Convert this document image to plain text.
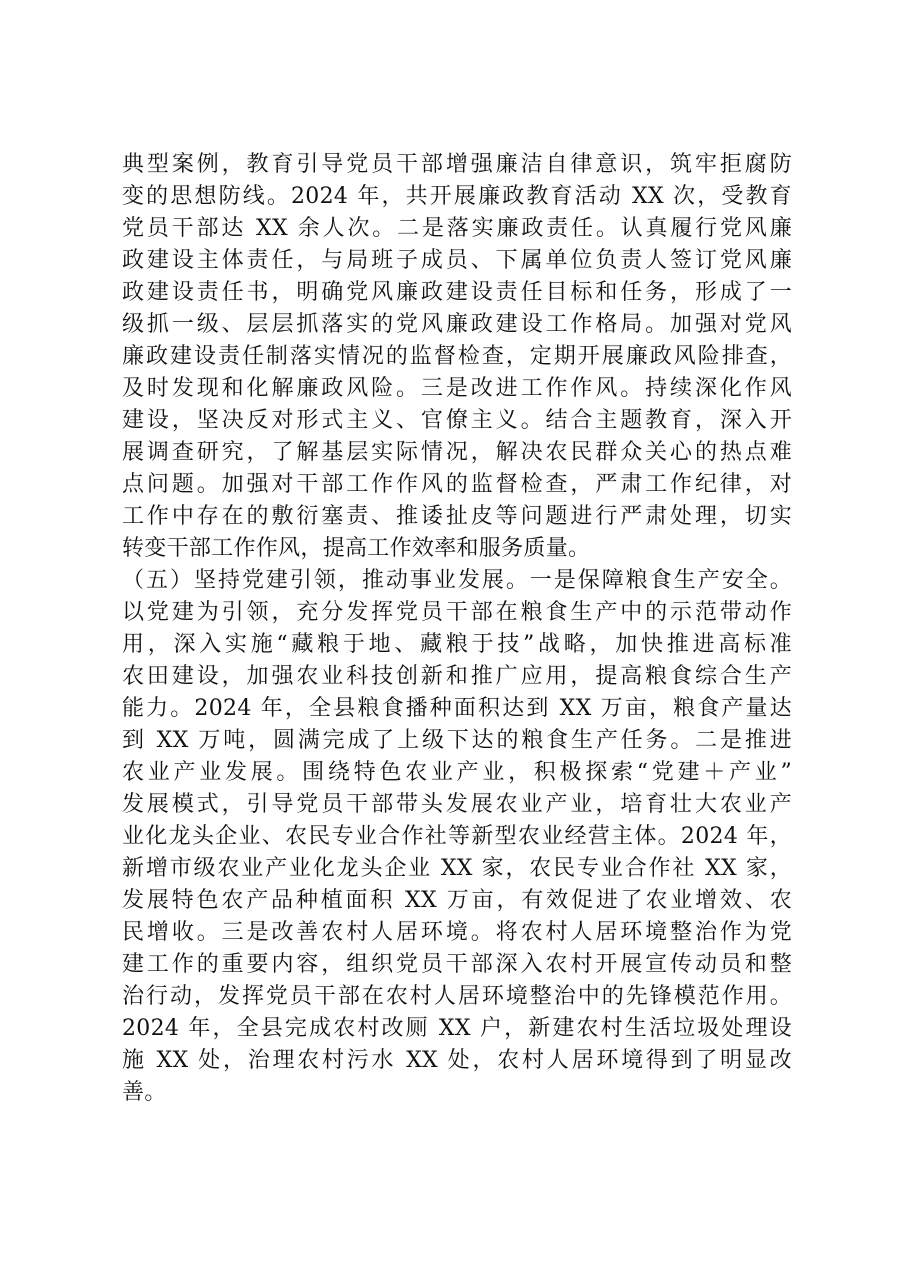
典型案例，教育引导党员干部增强廉洁自律意识，筑牢拒腐防
变的思想防线。2024 年，共开展廉政教育活动 XX 次，受教育
党员干部达 XX 余人次。二是落实廉政责任。认真履行党风廉
政建设主体责任，与局班子成员、下属单位负责人签订党风廉
政建设责任书，明确党风廉政建设责任目标和任务，形成了一
级抓一级、层层抓落实的党风廉政建设工作格局。加强对党风
廉政建设责任制落实情况的监督检查，定期开展廉政风险排查，
及时发现和化解廉政风险。三是改进工作作风。持续深化作风
建设，坚决反对形式主义、官僚主义。结合主题教育，深入开
展调查研究，了解基层实际情况，解决农民群众关心的热点难
点问题。加强对干部工作作风的监督检查，严肃工作纪律，对
工作中存在的敷衍塞责、推诿扯皮等问题进行严肃处理，切实
转变干部工作作风，提高工作效率和服务质量。
（五）坚持党建引领，推动事业发展。一是保障粮食生产安全。
以党建为引领，充分发挥党员干部在粮食生产中的示范带动作
用，深入实施“藏粮于地、藏粮于技”战略，加快推进高标准
农田建设，加强农业科技创新和推广应用，提高粮食综合生产
能力。2024 年，全县粮食播种面积达到 XX 万亩，粮食产量达
到 XX 万吨，圆满完成了上级下达的粮食生产任务。二是推进
农业产业发展。围绕特色农业产业，积极探索“党建＋产业”
发展模式，引导党员干部带头发展农业产业，培育壮大农业产
业化龙头企业、农民专业合作社等新型农业经营主体。2024 年，
新增市级农业产业化龙头企业 XX 家，农民专业合作社 XX 家，
发展特色农产品种植面积 XX 万亩，有效促进了农业增效、农
民增收。三是改善农村人居环境。将农村人居环境整治作为党
建工作的重要内容，组织党员干部深入农村开展宣传动员和整
治行动，发挥党员干部在农村人居环境整治中的先锋模范作用。
2024 年，全县完成农村改厕 XX 户，新建农村生活垃圾处理设
施 XX 处，治理农村污水 XX 处，农村人居环境得到了明显改
善。
